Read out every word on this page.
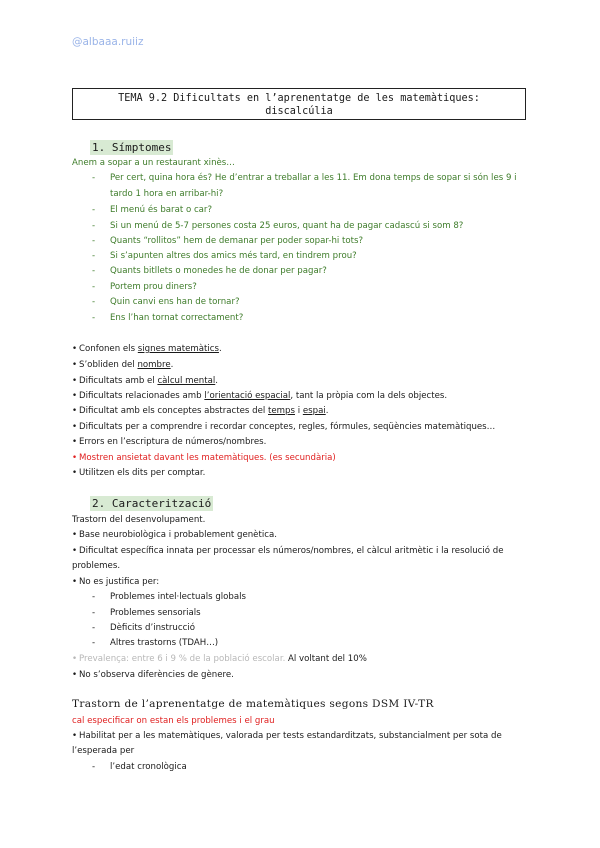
@albaaa.ruiiz
TEMA 9.2 Dificultats en l’aprenentatge de les matemàtiques:
discalcúlia
1. Símptomes
Anem a sopar a un restaurant xinès…
- Per cert, quina hora és? He d’entrar a treballar a les 11. Em dona temps de sopar si són les 9 i
tardo 1 hora en arribar-hi?
- El menú és barat o car?
- Si un menú de 5-7 persones costa 25 euros, quant ha de pagar cadascú si som 8?
- Quants “rollitos” hem de demanar per poder sopar-hi tots?
- Si s’apunten altres dos amics més tard, en tindrem prou?
- Quants bitllets o monedes he de donar per pagar?
- Portem prou diners?
- Quin canvi ens han de tornar?
- Ens l’han tornat correctament?
• Confonen els signes matemàtics.
• S’obliden del nombre.
• Dificultats amb el càlcul mental.
• Dificultats relacionades amb l’orientació espacial, tant la pròpia com la dels objectes.
• Dificultat amb els conceptes abstractes del temps i espai.
• Dificultats per a comprendre i recordar conceptes, regles, fórmules, seqüències matemàtiques…
• Errors en l’escriptura de números/nombres.
• Mostren ansietat davant les matemàtiques. (es secundària)
• Utilitzen els dits per comptar.
2. Caracterització
Trastorn del desenvolupament.
• Base neurobiològica i probablement genètica.
• Dificultat específica innata per processar els números/nombres, el càlcul aritmètic i la resolució de
problemes.
• No es justifica per:
- Problemes intel·lectuals globals
- Problemes sensorials
- Dèficits d’instrucció
- Altres trastorns (TDAH…)
• Prevalença: entre 6 i 9 % de la població escolar. Al voltant del 10%
• No s’observa diferències de gènere.
Trastorn de l’aprenentatge de matemàtiques segons DSM IV-TR
cal especificar on estan els problemes i el grau
• Habilitat per a les matemàtiques, valorada per tests estandarditzats, substancialment per sota de
l’esperada per
- l’edat cronològica
